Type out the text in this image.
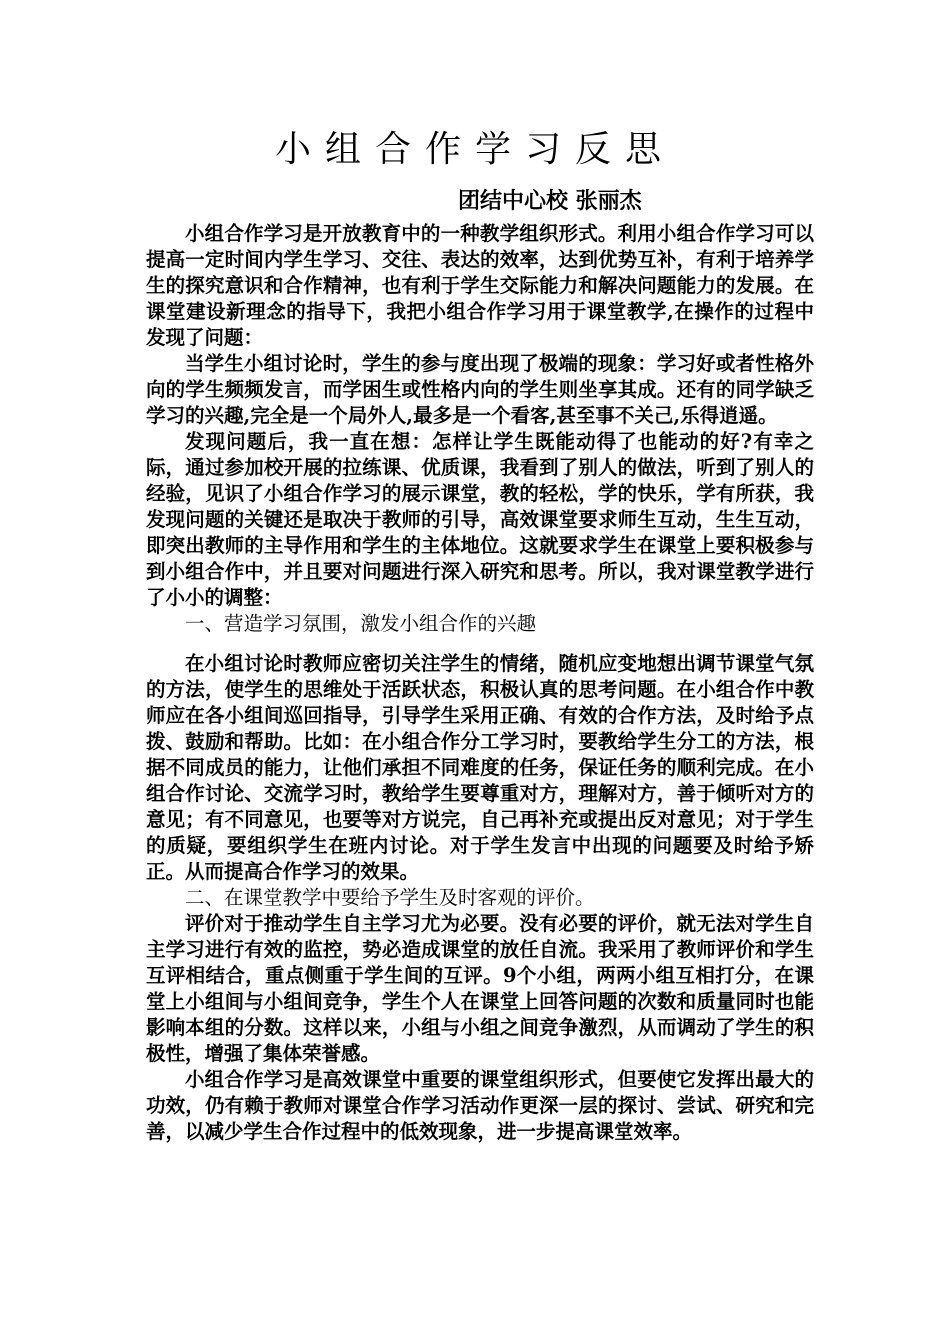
小组合作学习反思
团结中心校 张丽杰

小组合作学习是开放教育中的一种教学组织形式。利用小组合作学习可以提高一定时间内学生学习、交往、表达的效率，达到优势互补，有利于培养学生的探究意识和合作精神，也有利于学生交际能力和解决问题能力的发展。在课堂建设新理念的指导下，我把小组合作学习用于课堂教学,在操作的过程中发现了问题：

当学生小组讨论时，学生的参与度出现了极端的现象：学习好或者性格外向的学生频频发言，而学困生或性格内向的学生则坐享其成。还有的同学缺乏学习的兴趣,完全是一个局外人,最多是一个看客,甚至事不关己,乐得逍遥。

发现问题后，我一直在想：怎样让学生既能动得了也能动的好?有幸之际，通过参加校开展的拉练课、优质课，我看到了别人的做法，听到了别人的经验，见识了小组合作学习的展示课堂，教的轻松，学的快乐，学有所获，我发现问题的关键还是取决于教师的引导，高效课堂要求师生互动，生生互动，即突出教师的主导作用和学生的主体地位。这就要求学生在课堂上要积极参与到小组合作中，并且要对问题进行深入研究和思考。所以，我对课堂教学进行了小小的调整：

一、营造学习氛围，激发小组合作的兴趣

在小组讨论时教师应密切关注学生的情绪，随机应变地想出调节课堂气氛的方法，使学生的思维处于活跃状态，积极认真的思考问题。在小组合作中教师应在各小组间巡回指导，引导学生采用正确、有效的合作方法，及时给予点拨、鼓励和帮助。比如：在小组合作分工学习时，要教给学生分工的方法，根据不同成员的能力，让他们承担不同难度的任务，保证任务的顺利完成。在小组合作讨论、交流学习时，教给学生要尊重对方，理解对方，善于倾听对方的意见；有不同意见，也要等对方说完，自己再补充或提出反对意见；对于学生的质疑，要组织学生在班内讨论。对于学生发言中出现的问题要及时给予矫正。从而提高合作学习的效果。

二、在课堂教学中要给予学生及时客观的评价。

评价对于推动学生自主学习尤为必要。没有必要的评价，就无法对学生自主学习进行有效的监控，势必造成课堂的放任自流。我采用了教师评价和学生互评相结合，重点侧重于学生间的互评。9个小组，两两小组互相打分，在课堂上小组间与小组间竞争，学生个人在课堂上回答问题的次数和质量同时也能影响本组的分数。这样以来，小组与小组之间竞争激烈，从而调动了学生的积极性，增强了集体荣誉感。

小组合作学习是高效课堂中重要的课堂组织形式，但要使它发挥出最大的功效，仍有赖于教师对课堂合作学习活动作更深一层的探讨、尝试、研究和完善，以减少学生合作过程中的低效现象，进一步提高课堂效率。
